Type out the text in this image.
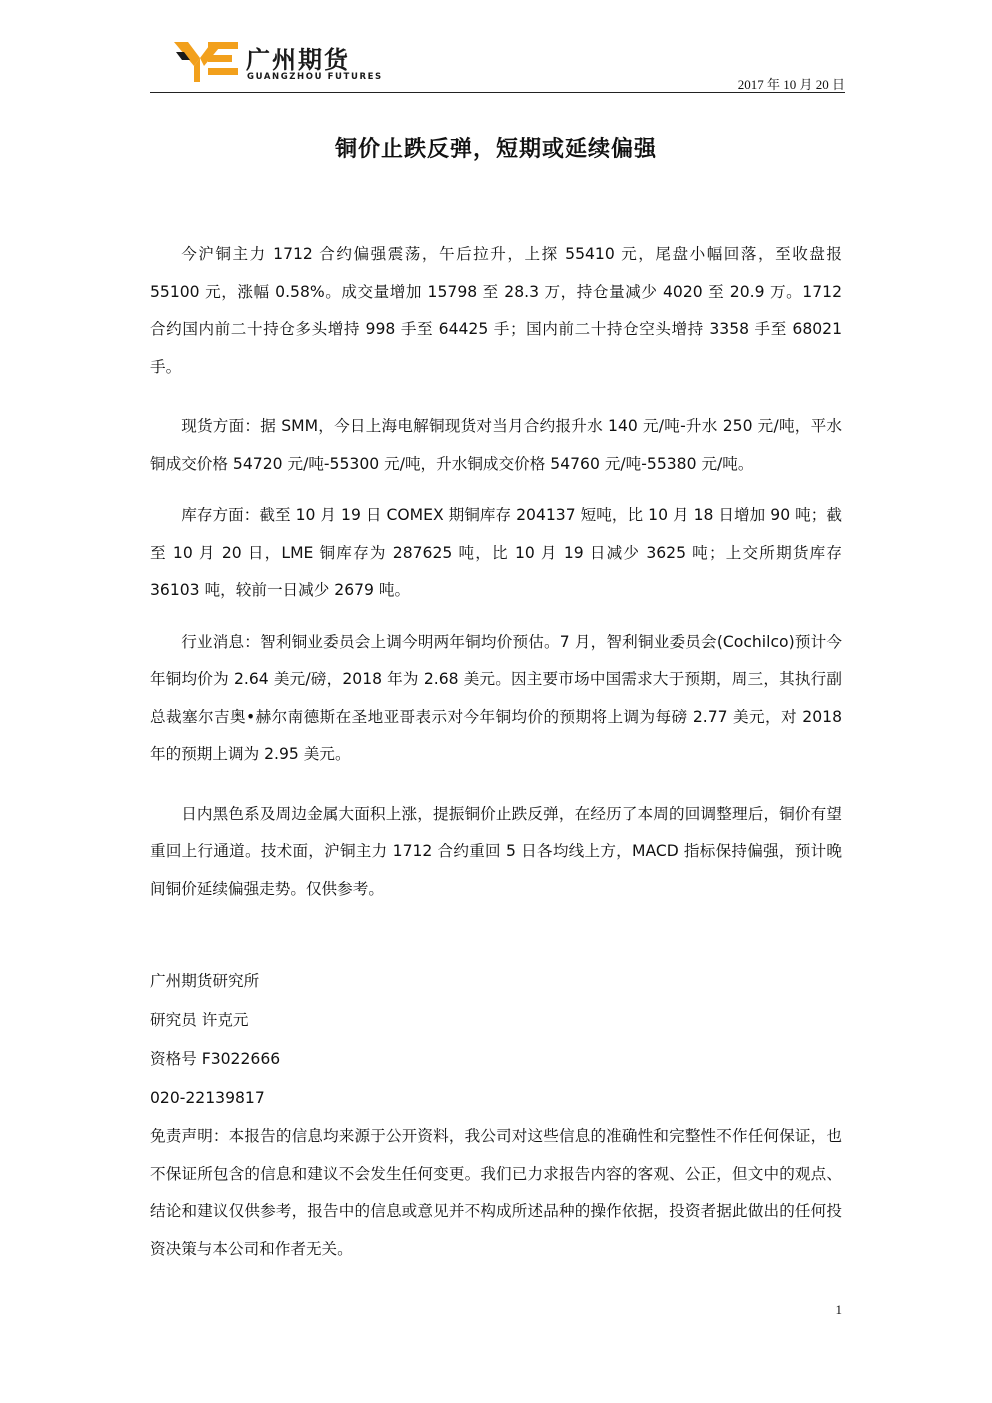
广州期货
GUANGZHOU FUTURES	2017 年 10 月 20 日
铜价止跌反弹，短期或延续偏强

今沪铜主力 1712 合约偏强震荡，午后拉升，上探 55410 元，尾盘小幅回落，至收盘报 55100 元，涨幅 0.58%。成交量增加 15798 至 28.3 万，持仓量减少 4020 至 20.9 万。1712 合约国内前二十持仓多头增持 998 手至 64425 手；国内前二十持仓空头增持 3358 手至 68021 手。

现货方面：据 SMM，今日上海电解铜现货对当月合约报升水 140 元/吨-升水 250 元/吨，平水铜成交价格 54720 元/吨-55300 元/吨，升水铜成交价格 54760 元/吨-55380 元/吨。

库存方面：截至 10 月 19 日 COMEX 期铜库存 204137 短吨，比 10 月 18 日增加 90 吨；截至 10 月 20 日，LME 铜库存为 287625 吨，比 10 月 19 日减少 3625 吨；上交所期货库存 36103 吨，较前一日减少 2679 吨。

行业消息：智利铜业委员会上调今明两年铜均价预估。7 月，智利铜业委员会(Cochilco)预计今年铜均价为 2.64 美元/磅，2018 年为 2.68 美元。因主要市场中国需求大于预期，周三，其执行副总裁塞尔吉奥•赫尔南德斯在圣地亚哥表示对今年铜均价的预期将上调为每磅 2.77 美元，对 2018 年的预期上调为 2.95 美元。

日内黑色系及周边金属大面积上涨，提振铜价止跌反弹，在经历了本周的回调整理后，铜价有望重回上行通道。技术面，沪铜主力 1712 合约重回 5 日各均线上方，MACD 指标保持偏强，预计晚间铜价延续偏强走势。仅供参考。

广州期货研究所
研究员 许克元
资格号 F3022666
020-22139817
免责声明：本报告的信息均来源于公开资料，我公司对这些信息的准确性和完整性不作任何保证，也不保证所包含的信息和建议不会发生任何变更。我们已力求报告内容的客观、公正，但文中的观点、结论和建议仅供参考，报告中的信息或意见并不构成所述品种的操作依据，投资者据此做出的任何投资决策与本公司和作者无关。
1
